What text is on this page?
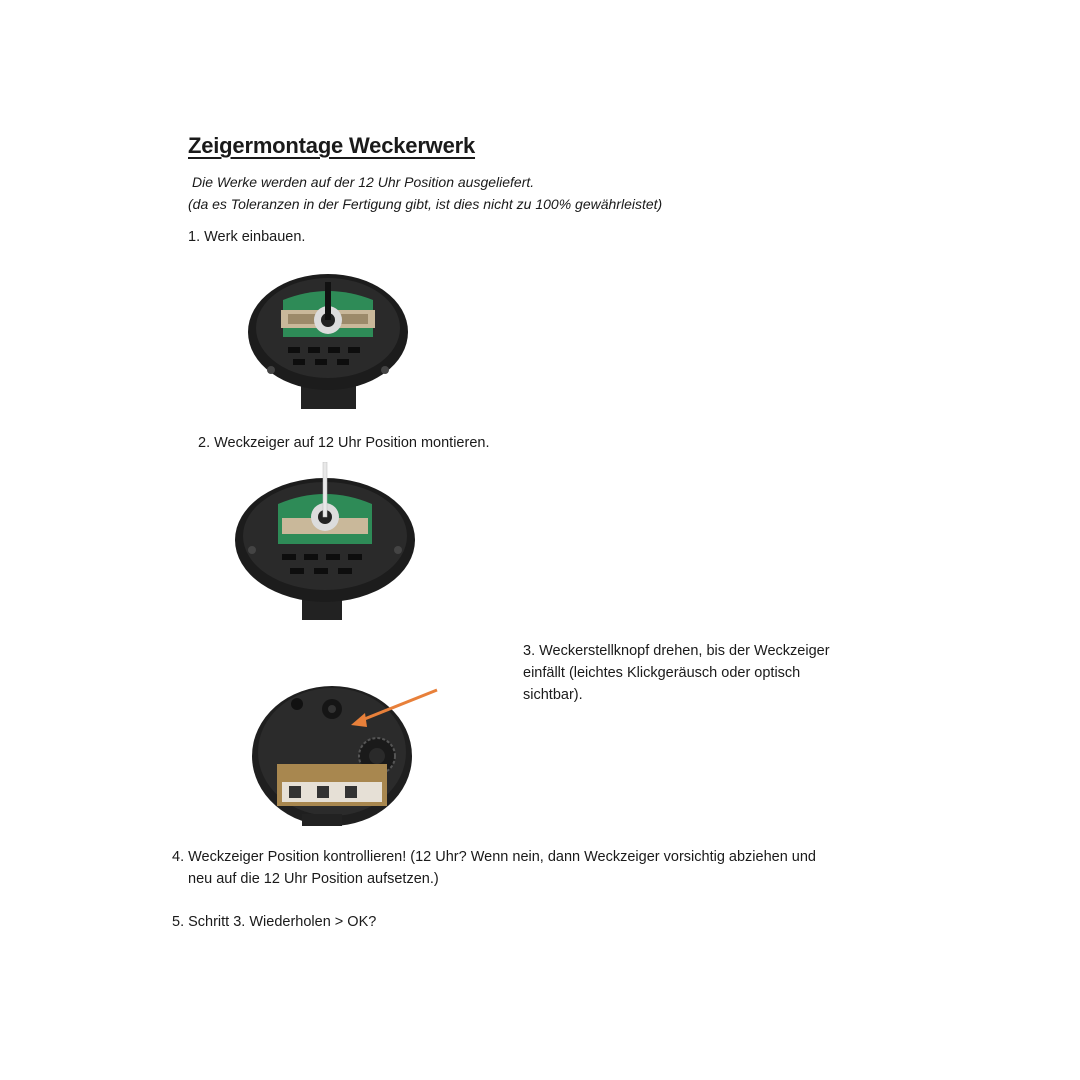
Zeigermontage Weckerwerk
Die Werke werden auf der 12 Uhr Position ausgeliefert.
(da es Toleranzen in der Fertigung gibt, ist dies nicht zu 100% gewährleistet)
1. Werk einbauen.
2. Weckzeiger auf 12 Uhr Position montieren.
3. Weckerstellknopf drehen, bis der Weckzeiger
einfällt (leichtes Klickgeräusch oder optisch
sichtbar).
4. Weckzeiger Position kontrollieren! (12 Uhr? Wenn nein, dann Weckzeiger vorsichtig abziehen und
neu auf die 12 Uhr Position aufsetzen.)
5. Schritt 3. Wiederholen > OK?
